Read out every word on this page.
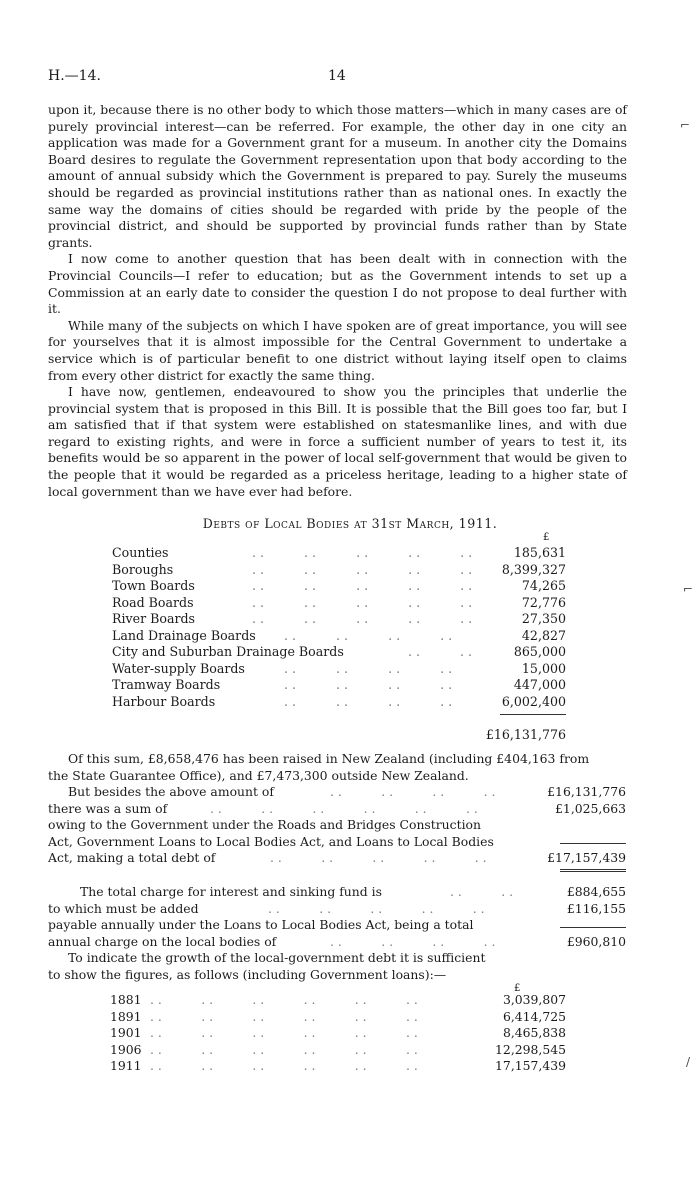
H.—14.	14

upon it, because there is no other body to which those matters—which in many cases are of purely provincial interest—can be referred. For example, the other day in one city an application was made for a Government grant for a museum. In another city the Domains Board desires to regulate the Government representation upon that body according to the amount of annual subsidy which the Government is prepared to pay. Surely the museums should be regarded as provincial institutions rather than as national ones. In exactly the same way the domains of cities should be regarded with pride by the people of the provincial district, and should be supported by provincial funds rather than by State grants.

I now come to another question that has been dealt with in connection with the Provincial Councils—I refer to education; but as the Government intends to set up a Commission at an early date to consider the question I do not propose to deal further with it.

While many of the subjects on which I have spoken are of great importance, you will see for yourselves that it is almost impossible for the Central Government to undertake a service which is of particular benefit to one district without laying itself open to claims from every other district for exactly the same thing.

I have now, gentlemen, endeavoured to show you the principles that underlie the provincial system that is proposed in this Bill. It is possible that the Bill goes too far, but I am satisfied that if that system were established on statesmanlike lines, and with due regard to existing rights, and were in force a sufficient number of years to test it, its benefits would be so apparent in the power of local self-government that would be given to the people that it would be regarded as a priceless heritage, leading to a higher state of local government than we have ever had before.

Debts of Local Bodies at 31st March, 1911.
£
Counties	. .          . .          . .          . .          . .	185,631
Boroughs	. .          . .          . .          . .          . . 8,399,327
Town Boards	. .          . .          . .          . .          . .	74,265
Road Boards	. .          . .          . .          . .          . .	72,776
River Boards	. .          . .          . .          . .          . .	27,350
Land Drainage Boards . .          . .          . .          . .	42,827
City and Suburban Drainage Boards	. .          . .	865,000
Water-supply Boards	. .          . .          . .          . .	15,000
Tramway Boards	. .          . .          . .          . .	447,000
Harbour Boards	. .          . .          . .          . .	6,002,400
£16,131,776
Of this sum, £8,658,476 has been raised in New Zealand (including £404,163 from
the State Guarantee Office), and £7,473,300 outside New Zealand.
But besides the above amount of	. .          . .          . .          . .	£16,131,776
there was a sum of	. .          . .          . .          . .          . .          . .	£1,025,663
owing to the Government under the Roads and Bridges Construction
Act, Government Loans to Local Bodies Act, and Loans to Local Bodies
Act, making a total debt of	. .          . .          . .          . .          . .	£17,157,439
The total charge for interest and sinking fund is	. .          . .	£884,655
to which must be added	. .          . .          . .          . .          . .	£116,155
payable annually under the Loans to Local Bodies Act, being a total
annual charge on the local bodies of	. .          . .          . .          . .	£960,810
To indicate the growth of the local-government debt it is sufficient
to show the figures, as follows (including Government loans):—
£
1881 . .          . .          . .          . .          . .          . .	3,039,807
1891 . .          . .          . .          . .          . .          . .	6,414,725
1901 . .          . .          . .          . .          . .          . .	8,465,838
1906 . .          . .          . .          . .          . .          . .	12,298,545
1911 . .          . .          . .          . .          . .          . .	17,157,439
⌐
⌐
/
